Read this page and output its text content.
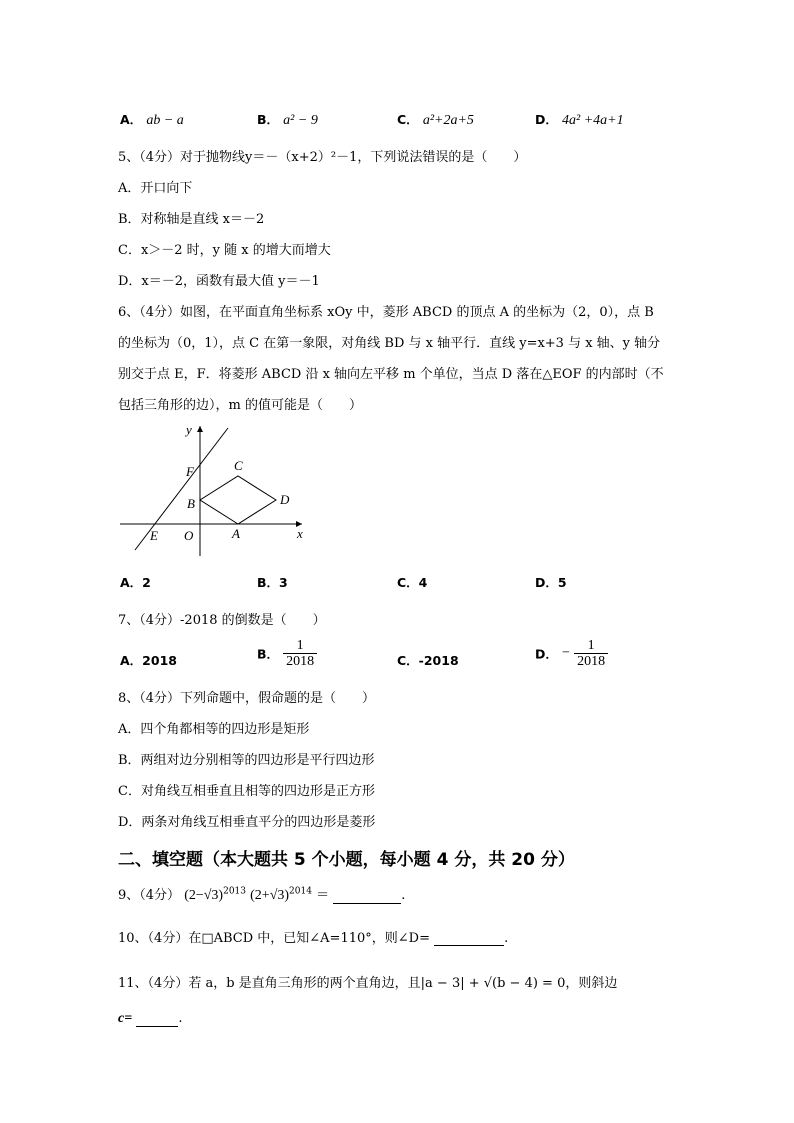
A． ab − a	B． a² − 9	C． a²+2a+5	D． 4a² +4a+1
5、（4分）对于抛物线y＝－（x+2）²－1，下列说法错误的是（　　）
A．开口向下
B．对称轴是直线 x＝－2
C．x＞－2 时，y 随 x 的增大而增大
D．x＝－2，函数有最大值 y＝－1
6、（4分）如图，在平面直角坐标系 xOy 中，菱形 ABCD 的顶点 A 的坐标为（2，0），点 B
的坐标为（0，1），点 C 在第一象限，对角线 BD 与 x 轴平行．直线 y=x+3 与 x 轴、y 轴分
别交于点 E，F．将菱形 ABCD 沿 x 轴向左平移 m 个单位，当点 D 落在△EOF 的内部时（不
包括三角形的边），m 的值可能是（　　）
y
x
F	C
B	D
E O	A
A．2	B．3	C．4	D．5
7、（4分）-2018 的倒数是（　　）
A．2018	B． $\frac{1}{2018}$	C．-2018	D． − $\frac{1}{2018}$
8、（4分）下列命题中，假命题的是（　　）
A．四个角都相等的四边形是矩形
B．两组对边分别相等的四边形是平行四边形
C．对角线互相垂直且相等的四边形是正方形
D．两条对角线互相垂直平分的四边形是菱形
二、填空题（本大题共 5 个小题，每小题 4 分，共 20 分）
9、（4分） $(2-√3)^{2013}$ $(2+√3)^{2014}$ ＝	.
10、（4分）在□ABCD 中，已知∠A=110°，则∠D=	.
11、（4分）若 a，b 是直角三角形的两个直角边，且|a − 3| + √(b − 4) = 0，则斜边
c=	.
